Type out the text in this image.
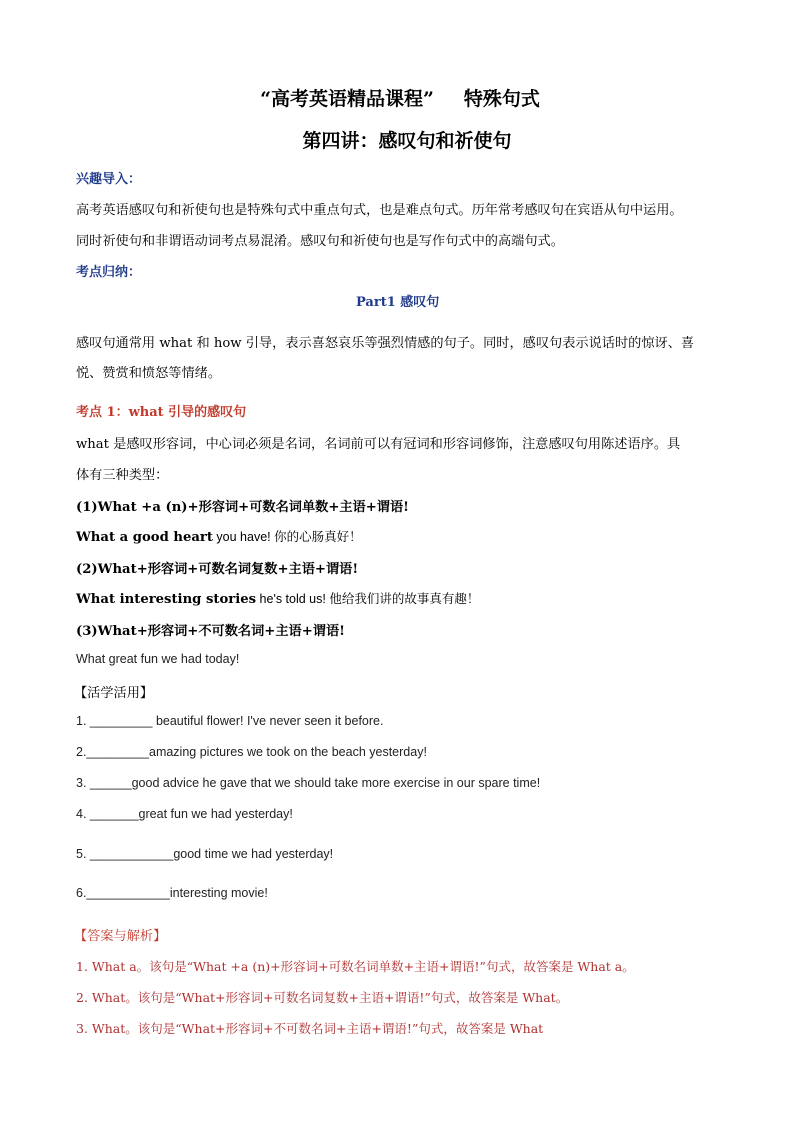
“高考英语精品课程” 特殊句式
第四讲：感叹句和祈使句
兴趣导入：
高考英语感叹句和祈使句也是特殊句式中重点句式，也是难点句式。历年常考感叹句在宾语从句中运用。
同时祈使句和非谓语动词考点易混淆。感叹句和祈使句也是写作句式中的高端句式。
考点归纳：
Part1 感叹句
感叹句通常用 what 和 how 引导，表示喜怒哀乐等强烈情感的句子。同时，感叹句表示说话时的惊讶、喜
悦、赞赏和愤怒等情绪。
考点 1：what 引导的感叹句
what 是感叹形容词，中心词必须是名词，名词前可以有冠词和形容词修饰，注意感叹句用陈述语序。具
体有三种类型：
(1)What +a (n)+形容词+可数名词单数+主语+谓语!
What a good heart you have! 你的心肠真好！
(2)What+形容词+可数名词复数+主语+谓语!
What interesting stories he's told us! 他给我们讲的故事真有趣！
(3)What+形容词+不可数名词+主语+谓语!
What great fun we had today!
【活学活用】
1. _________ beautiful flower! I've never seen it before.
2._________amazing pictures we took on the beach yesterday!
3. ______good advice he gave that we should take more exercise in our spare time!
4. _______great fun we had yesterday!
5. ____________good time we had yesterday!
6.____________interesting movie!
【答案与解析】
1. What a。该句是“What +a (n)+形容词+可数名词单数+主语+谓语!”句式，故答案是 What a。
2. What。该句是“What+形容词+可数名词复数+主语+谓语!”句式，故答案是 What。
3. What。该句是“What+形容词+不可数名词+主语+谓语!”句式，故答案是 What
